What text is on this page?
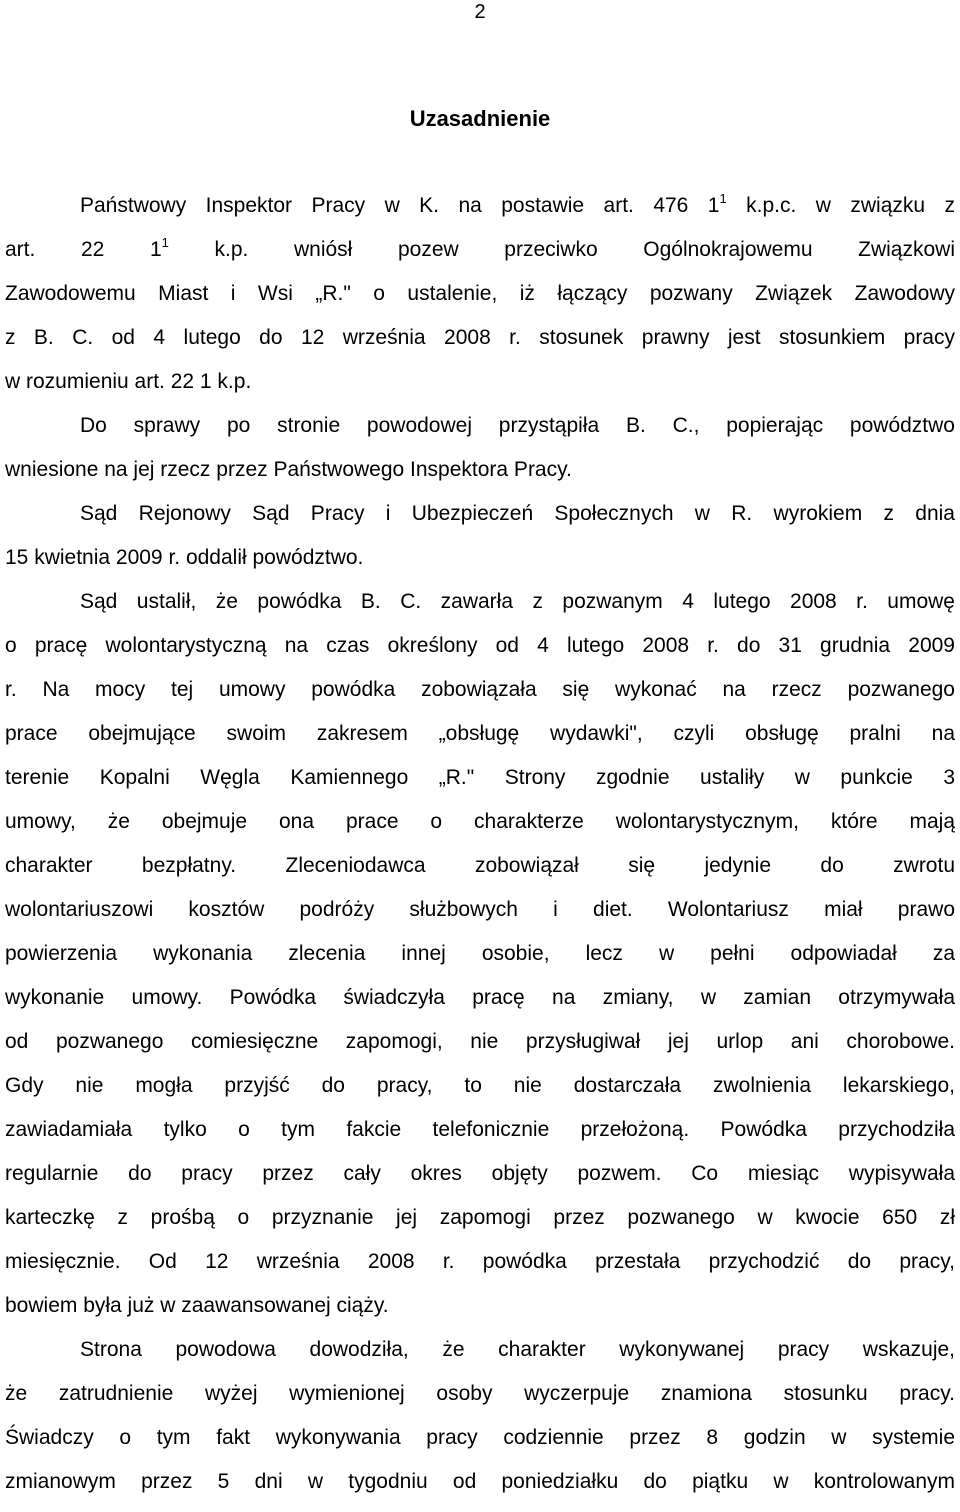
2
Uzasadnienie
Państwowy Inspektor Pracy w K. na postawie art. 476 $1^1$ k.p.c. w związku z
art. 22 $1^1$ k.p. wniósł pozew przeciwko Ogólnokrajowemu Związkowi
Zawodowemu Miast i Wsi „R." o ustalenie, iż łączący pozwany Związek Zawodowy
z B. C. od 4 lutego do 12 września 2008 r. stosunek prawny jest stosunkiem pracy
w rozumieniu art. 22 1 k.p.
Do sprawy po stronie powodowej przystąpiła B. C., popierając powództwo
wniesione na jej rzecz przez Państwowego Inspektora Pracy.
Sąd Rejonowy Sąd Pracy i Ubezpieczeń Społecznych w R. wyrokiem z dnia
15 kwietnia 2009 r. oddalił powództwo.
Sąd ustalił, że powódka B. C. zawarła z pozwanym 4 lutego 2008 r. umowę
o pracę wolontarystyczną na czas określony od 4 lutego 2008 r. do 31 grudnia 2009
r. Na mocy tej umowy powódka zobowiązała się wykonać na rzecz pozwanego
prace obejmujące swoim zakresem „obsługę wydawki", czyli obsługę pralni na
terenie Kopalni Węgla Kamiennego „R." Strony zgodnie ustaliły w punkcie 3
umowy, że obejmuje ona prace o charakterze wolontarystycznym, które mają
charakter bezpłatny. Zleceniodawca zobowiązał się jedynie do zwrotu
wolontariuszowi kosztów podróży służbowych i diet. Wolontariusz miał prawo
powierzenia wykonania zlecenia innej osobie, lecz w pełni odpowiadał za
wykonanie umowy. Powódka świadczyła pracę na zmiany, w zamian otrzymywała
od pozwanego comiesięczne zapomogi, nie przysługiwał jej urlop ani chorobowe.
Gdy nie mogła przyjść do pracy, to nie dostarczała zwolnienia lekarskiego,
zawiadamiała tylko o tym fakcie telefonicznie przełożoną. Powódka przychodziła
regularnie do pracy przez cały okres objęty pozwem. Co miesiąc wypisywała
karteczkę z prośbą o przyznanie jej zapomogi przez pozwanego w kwocie 650 zł
miesięcznie. Od 12 września 2008 r. powódka przestała przychodzić do pracy,
bowiem była już w zaawansowanej ciąży.
Strona powodowa dowodziła, że charakter wykonywanej pracy wskazuje,
że zatrudnienie wyżej wymienionej osoby wyczerpuje znamiona stosunku pracy.
Świadczy o tym fakt wykonywania pracy codziennie przez 8 godzin w systemie
zmianowym przez 5 dni w tygodniu od poniedziałku do piątku w kontrolowanym
